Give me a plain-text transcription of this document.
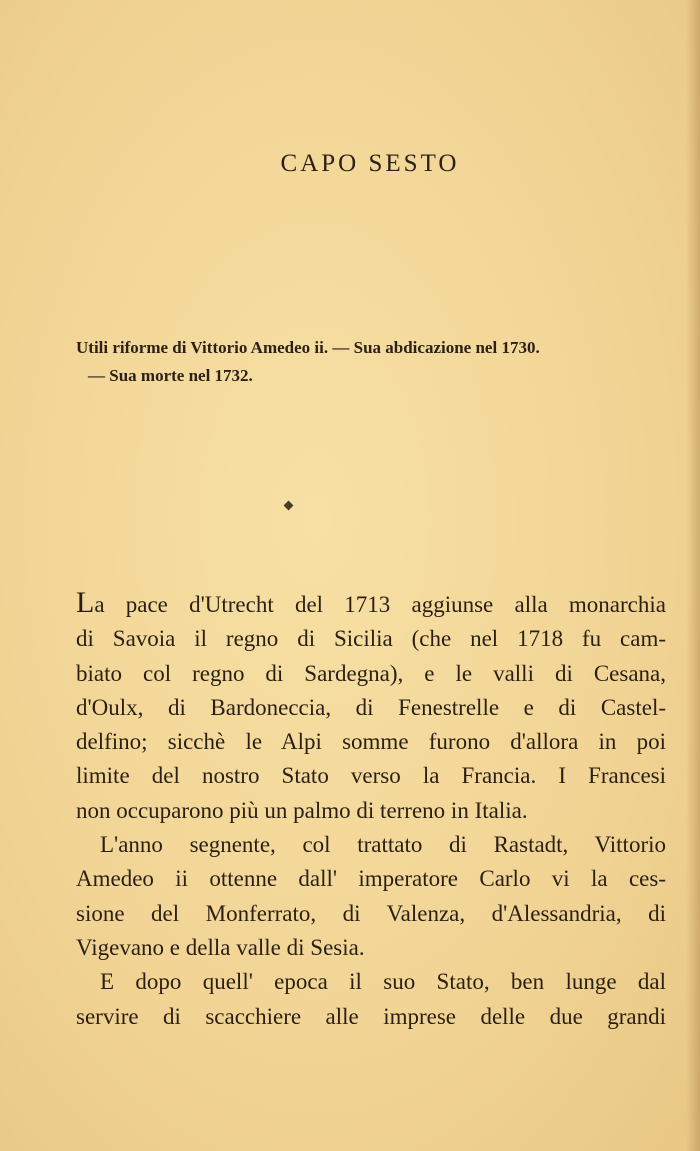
CAPO SESTO
Utili riforme di Vittorio Amedeo ii. — Sua abdicazione nel 1730.
— Sua morte nel 1732.
La pace d'Utrecht del 1713 aggiunse alla monarchia
di Savoia il regno di Sicilia (che nel 1718 fu cam-
biato col regno di Sardegna), e le valli di Cesana,
d'Oulx, di Bardoneccia, di Fenestrelle e di Castel-
delfino; sicchè le Alpi somme furono d'allora in poi
limite del nostro Stato verso la Francia. I Francesi
non occuparono più un palmo di terreno in Italia.
L'anno segnente, col trattato di Rastadt, Vittorio
Amedeo ii ottenne dall' imperatore Carlo vi la ces-
sione del Monferrato, di Valenza, d'Alessandria, di
Vigevano e della valle di Sesia.
E dopo quell' epoca il suo Stato, ben lunge dal
servire di scacchiere alle imprese delle due grandi
